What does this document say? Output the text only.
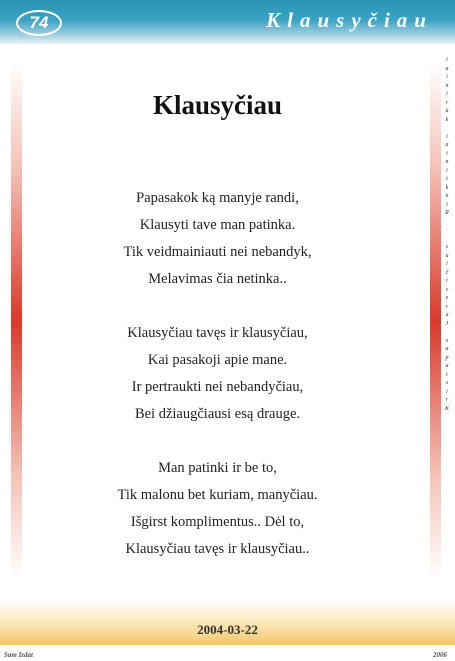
74	Klausyčiau
i
a
i
n
i
r
ū
k

i
a
i
n
i
t
k
n
i
R

·

s
u
i
č
i
v
e
r
u
J

s
a
p
u
t
s
i
r
K
Klausyčiau
Papasakok ką manyje randi,
Klausyti tave man patinka.
Tik veidmainiauti nei nebandyk,
Melavimas čia netinka..
Klausyčiau tavęs ir klausyčiau,
Kai pasakoji apie mane.
Ir pertraukti nei nebandyčiau,
Bei džiaugčiausi esą drauge.
Man patinki ir be to,
Tik malonu bet kuriam, manyčiau.
Išgirst komplimentus.. Dėl to,
Klausyčiau tavęs ir klausyčiau..
2004-03-22
Sam Izdat	2006
